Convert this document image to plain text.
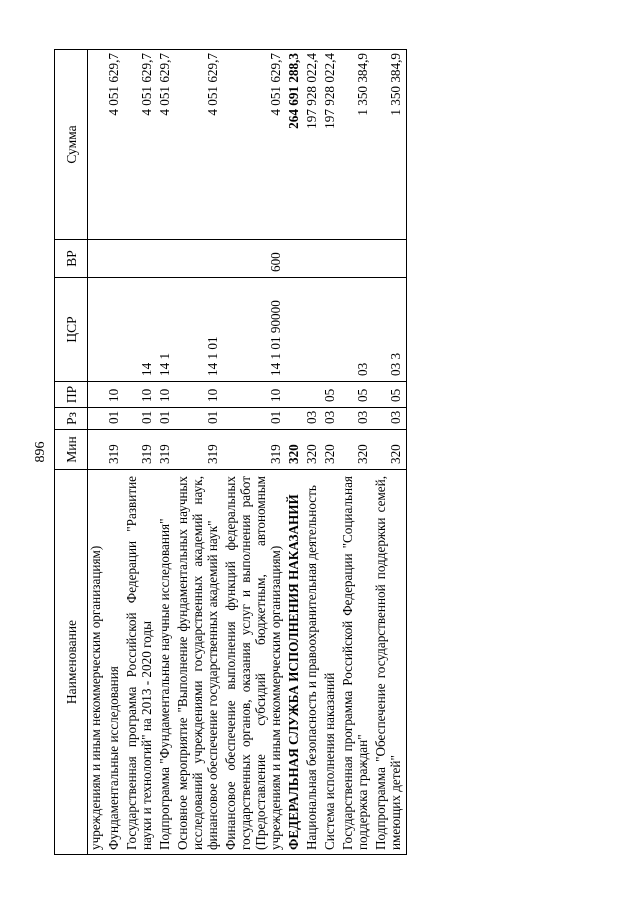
896
Наименование	Мин	Рз	ПР	ЦСР	ВР	Сумма
учреждениям и иным некоммерческим организациям)						
Фундаментальные исследования	319	01	10			4 051 629,7
Государственная программа Российской Федерации "Развитие науки и технологий" на 2013 - 2020 годы	319	01	10	14		4 051 629,7
Подпрограмма "Фундаментальные научные исследования"	319	01	10	14 1		4 051 629,7
Основное мероприятие "Выполнение фундаментальных научных исследований учреждениями государственных академий наук, финансовое обеспечение государственных академий наук"	319	01	10	14 1 01		4 051 629,7
Финансовое обеспечение выполнения функций федеральных государственных органов, оказания услуг и выполнения работ (Предоставление субсидий бюджетным, автономным учреждениям и иным некоммерческим организациям)	319	01	10	14 1 01 90000	600	4 051 629,7
ФЕДЕРАЛЬНАЯ СЛУЖБА ИСПОЛНЕНИЯ НАКАЗАНИЙ	320					264 691 288,3
Национальная безопасность и правоохранительная деятельность	320	03				197 928 022,4
Система исполнения наказаний	320	03	05			197 928 022,4
Государственная программа Российской Федерации "Социальная поддержка граждан"	320	03	05	03		1 350 384,9
Подпрограмма "Обеспечение государственной поддержки семей, имеющих детей"	320	03	05	03 3		1 350 384,9
